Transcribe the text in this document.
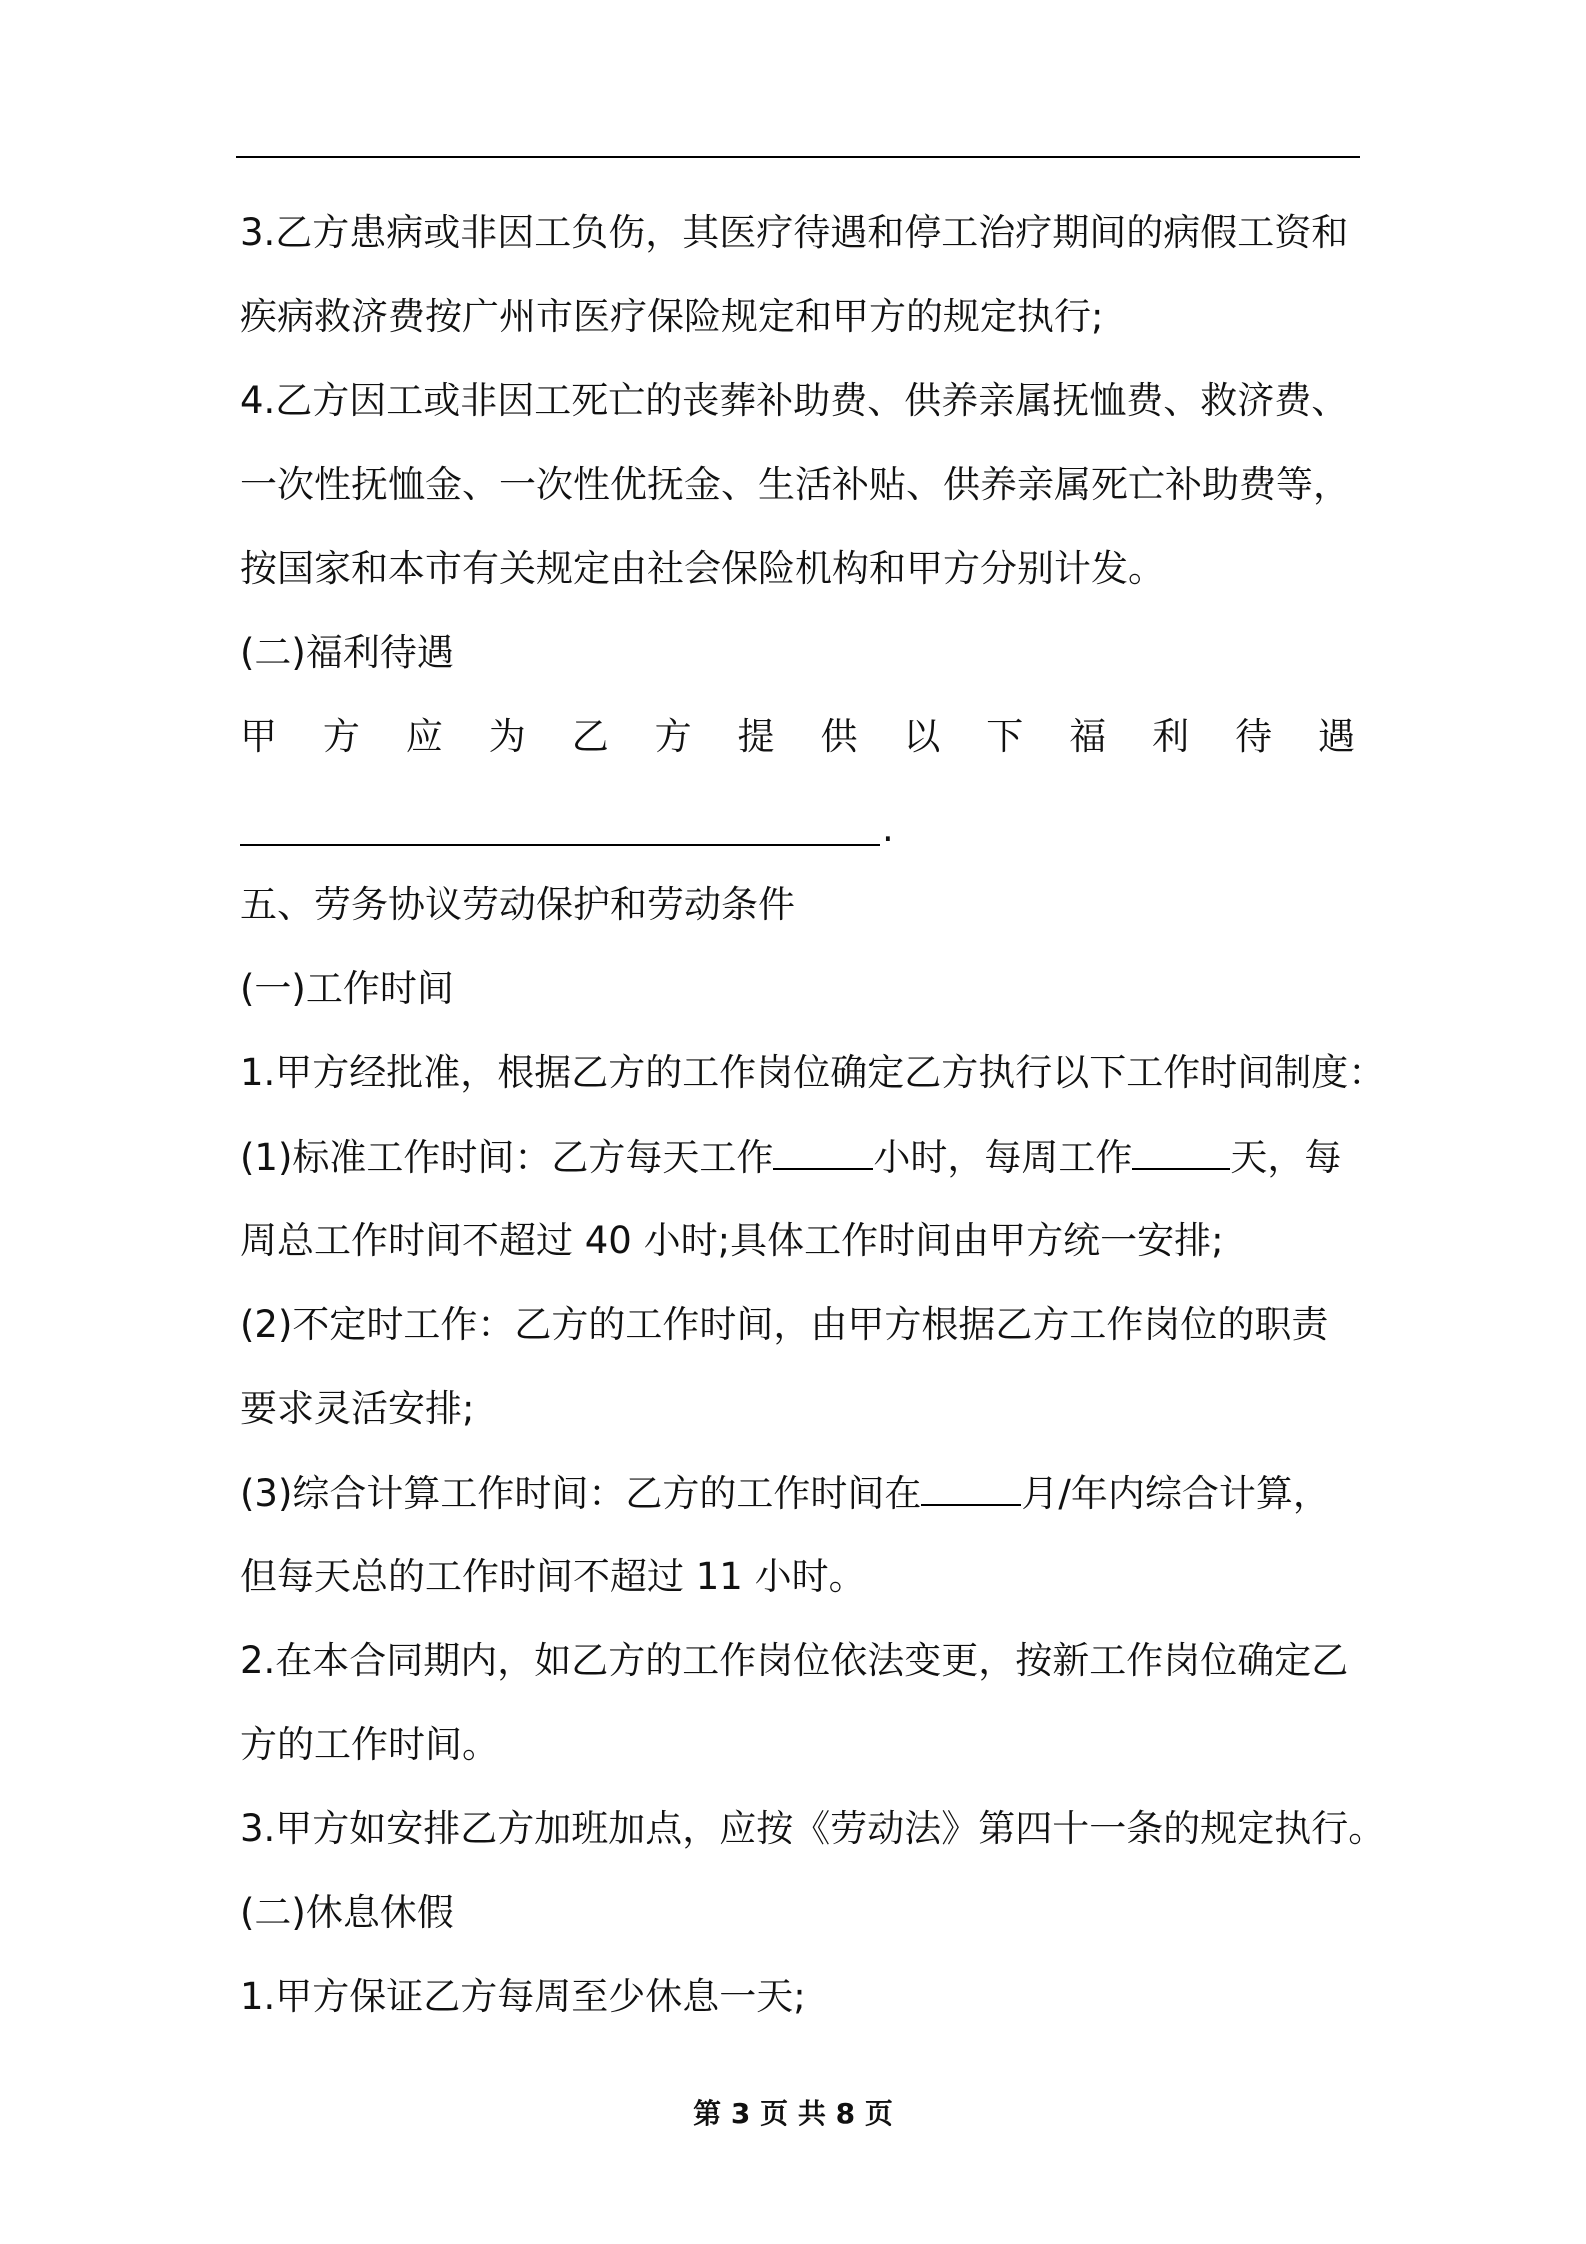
3.乙方患病或非因工负伤，其医疗待遇和停工治疗期间的病假工资和
疾病救济费按广州市医疗保险规定和甲方的规定执行;
4.乙方因工或非因工死亡的丧葬补助费、供养亲属抚恤费、救济费、
一次性抚恤金、一次性优抚金、生活补贴、供养亲属死亡补助费等，
按国家和本市有关规定由社会保险机构和甲方分别计发。
(二)福利待遇
甲 方 应 为 乙 方 提 供 以 下 福 利 待 遇
.
五、劳务协议劳动保护和劳动条件
(一)工作时间
1.甲方经批准，根据乙方的工作岗位确定乙方执行以下工作时间制度：
(1)标准工作时间：乙方每天工作	小时，每周工作	天，每
周总工作时间不超过 40 小时;具体工作时间由甲方统一安排;
(2)不定时工作：乙方的工作时间，由甲方根据乙方工作岗位的职责
要求灵活安排;
(3)综合计算工作时间：乙方的工作时间在	月/年内综合计算，
但每天总的工作时间不超过 11 小时。
2.在本合同期内，如乙方的工作岗位依法变更，按新工作岗位确定乙
方的工作时间。
3.甲方如安排乙方加班加点，应按《劳动法》第四十一条的规定执行。
(二)休息休假
1.甲方保证乙方每周至少休息一天;
第 3 页 共 8 页
